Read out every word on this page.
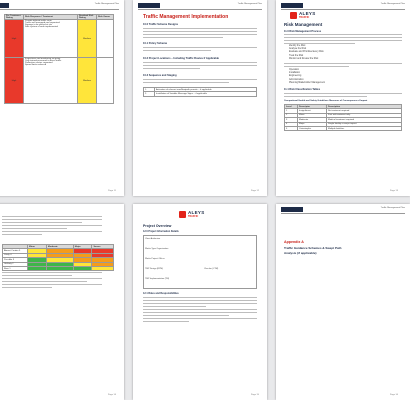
Traffic Management Plan
Pre Treatment Rating	Risk Response / Treatment	Residual Risk Rating	Risk Owner
High	Provide defined traffic route
Traffic well managed and separated
Signage to be placed at site
Safe system of work implemented	Medium	
High	Inspections and monitoring on-going
Only trained personnel to direct traffic
Pedestrian routes separated
Speed limits enforced	Medium	
Page 11
Traffic Management Plan
Traffic Management Implementation
10.0 Traffic Scheme Designs
10.1 Policy Scheme
10.2 Project Locations – Including Traffic Routes if Applicable
10.3 Sequence and Staging
1.	Activation of relevant road/footpath permits – if applicable
2.	Installation of Variable Message Signs – if applicable
Page 12
Traffic Management Plan
ALEYS
TRAFFIC
Risk Management
11.0 Risk Management Process
• Identify the Risk
• Analyse the Risk
• Evaluate and Prioritise Every Risk
• Treat the Risk
• Monitor and Review the Risk
• Operation
• Installation
• Engineering
• Administration
• Planning/Stakeholder Management
11.1 Risk Classification Tables
Occupational Health and Safety Guidelines Measures of Consequence of Impact
Level	Descriptor	Description
1	Insignificant	No treatment required
2	Minor	First aid treatment only
3	Moderate	Medical treatment required
4	Major	Single fatality or major impact
5	Catastrophic	Multiple fatalities
Page 13
	Minor	Moderate	Major	Severe
Almost Certain 5				
Likely 4				
Possible 3				
Unlikely 2				
Rare 1				
Page 14
ALEYS
TRAFFIC
Project Overview
12.0 Project Information Details
Client Authorisor
Works Type Organisation
Works Project Officer
TMP Design (RPM)
TMP Implementation (TM)
Checker (CTM)
12.1 Roles and Responsibilities
Page 15
Traffic Management Plan
Appendix A
Traffic Guidance Schemes & Swept Path
Analysis (if applicable)
Page 16
